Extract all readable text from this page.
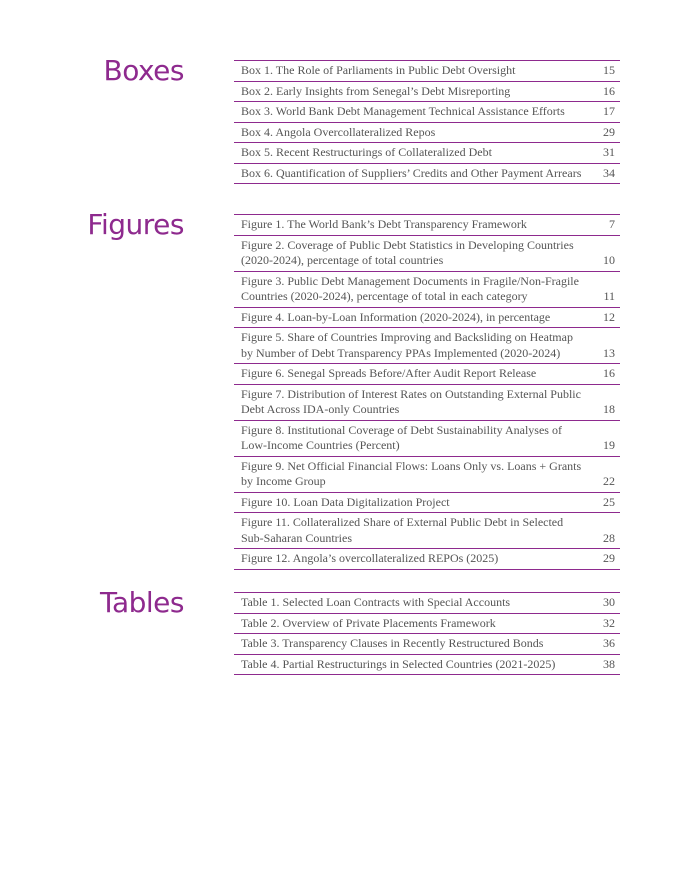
Boxes	Box 1. The Role of Parliaments in Public Debt Oversight	15
Box 2. Early Insights from Senegal’s Debt Misreporting	16
Box 3. World Bank Debt Management Technical Assistance Efforts	17
Box 4. Angola Overcollateralized Repos	29
Box 5. Recent Restructurings of Collateralized Debt	31
Box 6. Quantification of Suppliers’ Credits and Other Payment Arrears	34
Figures	Figure 1. The World Bank’s Debt Transparency Framework	7
Figure 2. Coverage of Public Debt Statistics in Developing Countries (2020-2024), percentage of total countries	10
Figure 3. Public Debt Management Documents in Fragile/Non-Fragile Countries (2020-2024), percentage of total in each category	11
Figure 4. Loan-by-Loan Information (2020-2024), in percentage	12
Figure 5. Share of Countries Improving and Backsliding on Heatmap by Number of Debt Transparency PPAs Implemented (2020-2024)	13
Figure 6. Senegal Spreads Before/After Audit Report Release	16
Figure 7. Distribution of Interest Rates on Outstanding External Public Debt Across IDA-only Countries	18
Figure 8. Institutional Coverage of Debt Sustainability Analyses of Low-Income Countries (Percent)	19
Figure 9. Net Official Financial Flows: Loans Only vs. Loans + Grants by Income Group	22
Figure 10. Loan Data Digitalization Project	25
Figure 11. Collateralized Share of External Public Debt in Selected Sub-Saharan Countries	28
Figure 12. Angola’s overcollateralized REPOs (2025)	29
Tables	Table 1. Selected Loan Contracts with Special Accounts	30
Table 2. Overview of Private Placements Framework	32
Table 3. Transparency Clauses in Recently Restructured Bonds	36
Table 4. Partial Restructurings in Selected Countries (2021-2025)	38
